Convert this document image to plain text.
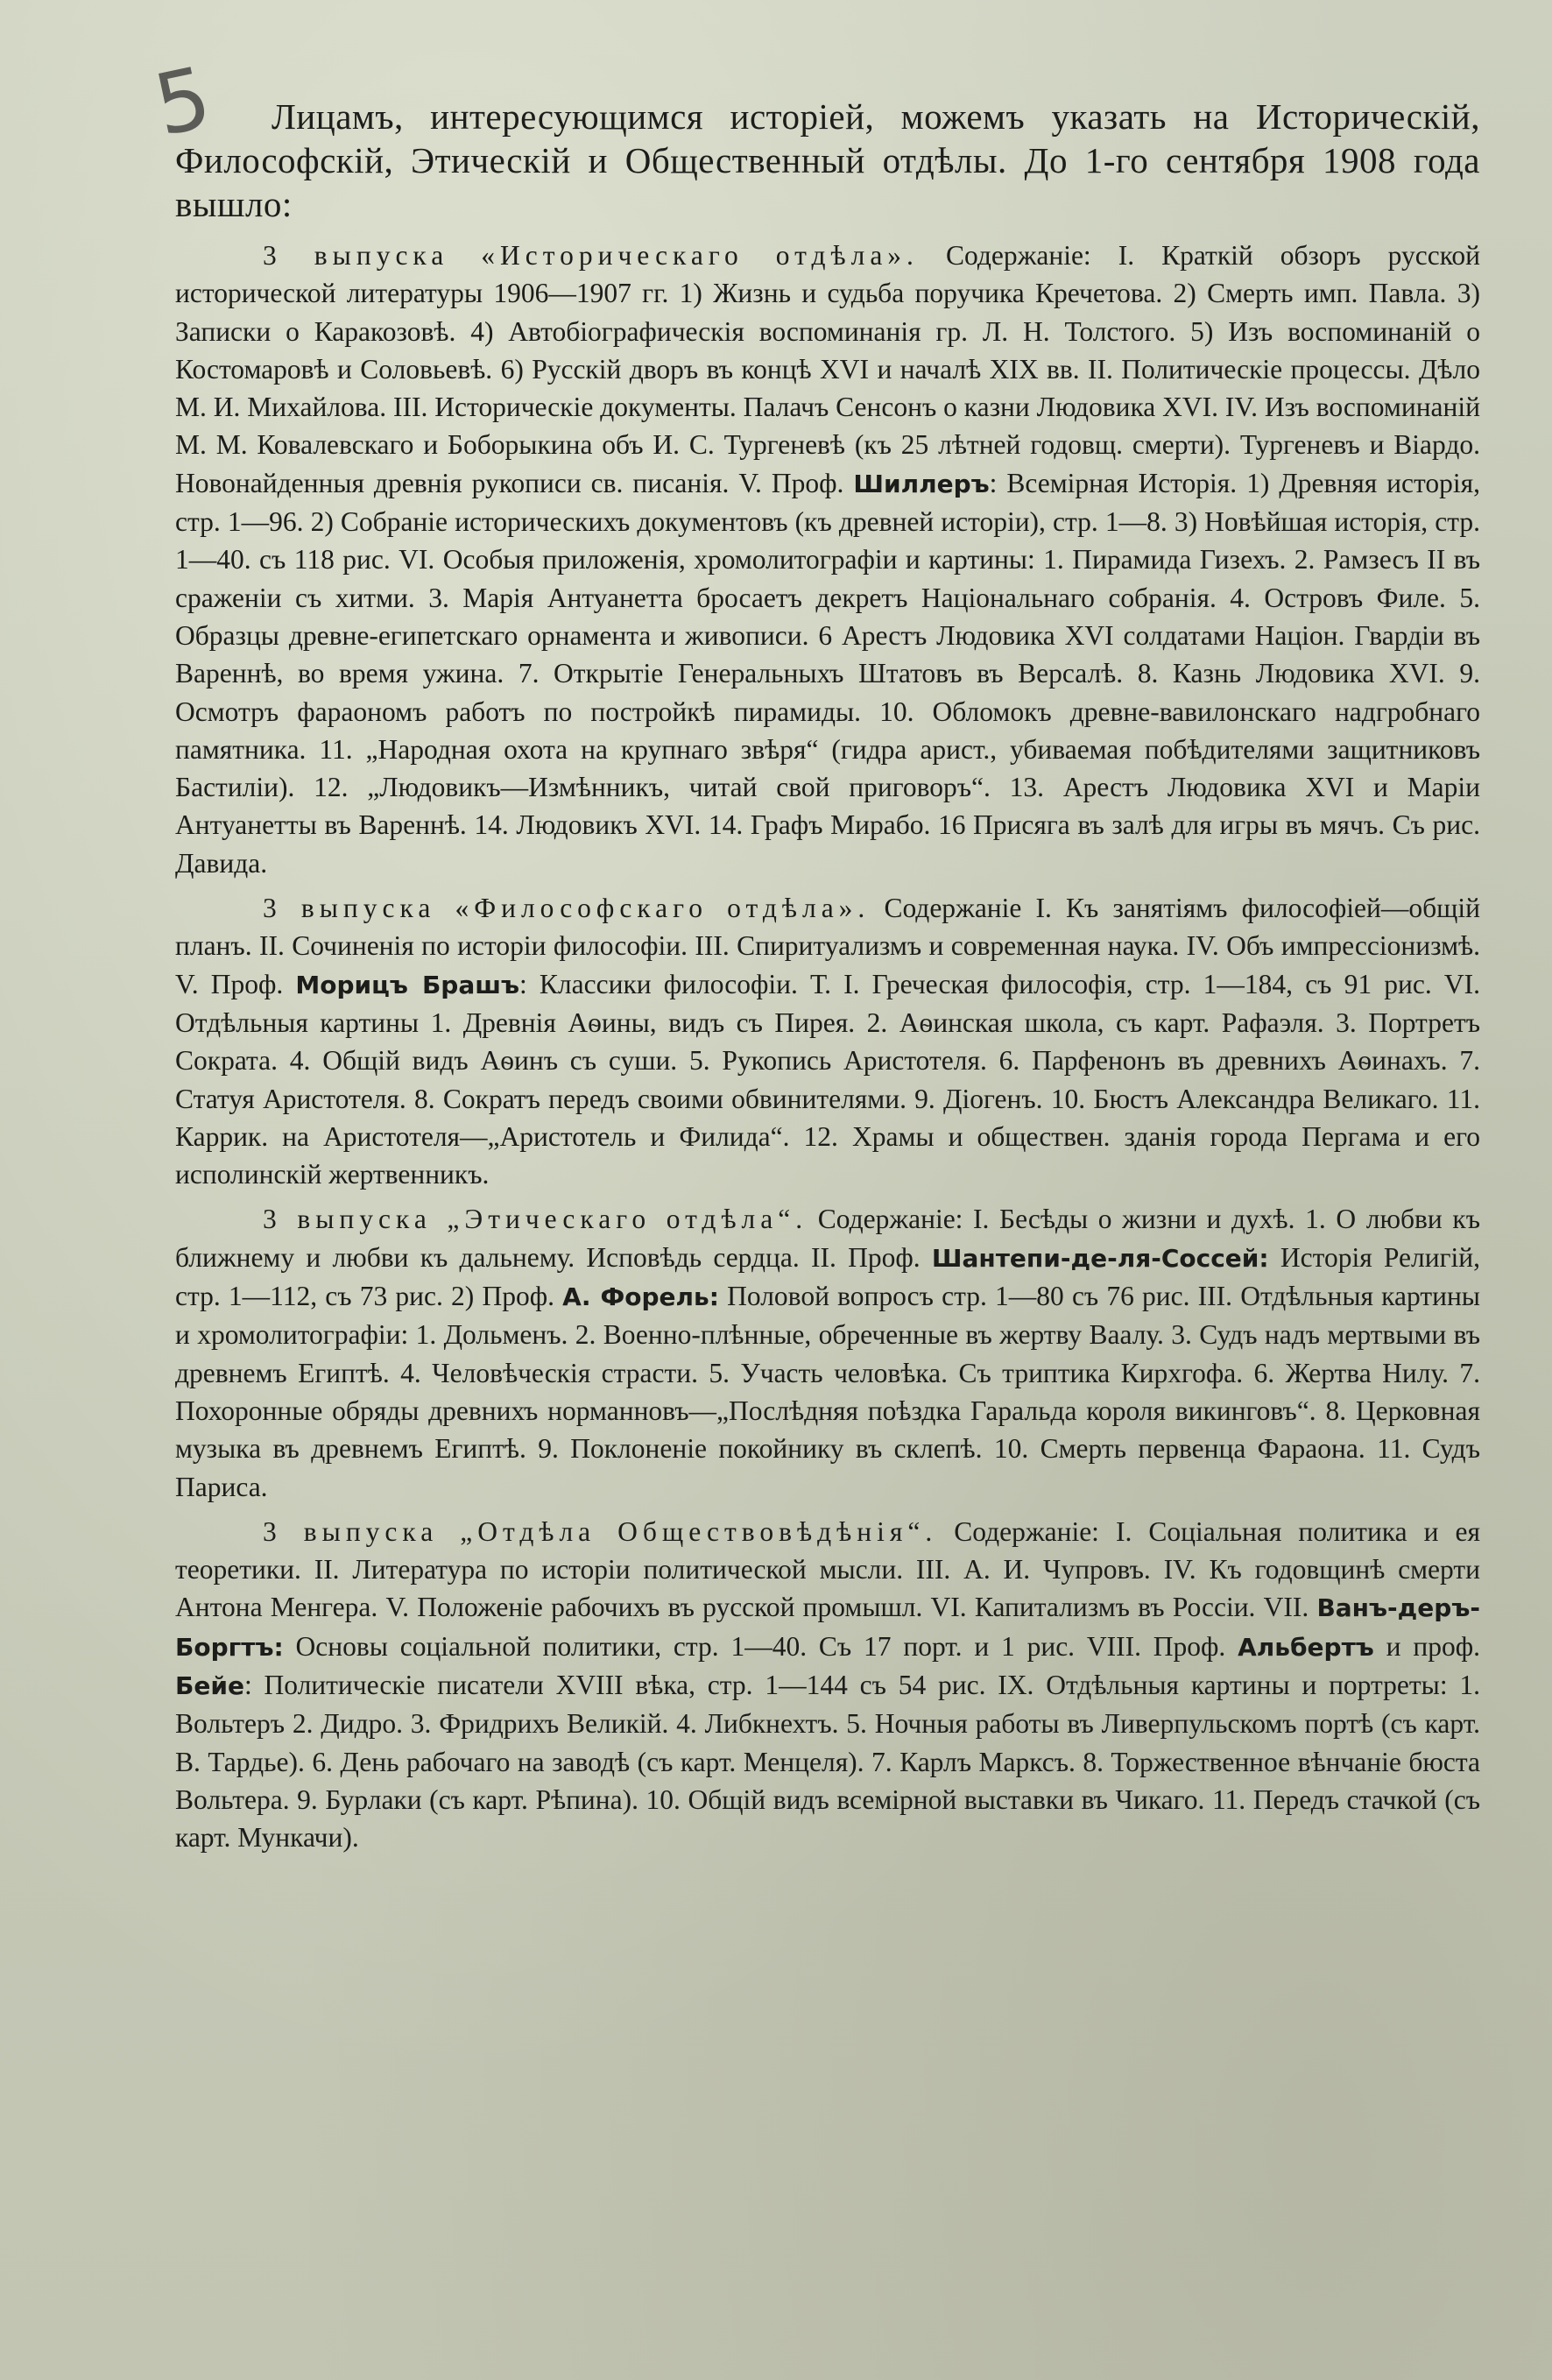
5	Лицамъ, интересующимся исторіей, можемъ указать на Историческій, Философскій, Этическій и Общественный отдѣлы. До 1-го сентября 1908 года вышло:

3 выпуска «Историческаго отдѣла». Содержаніе: I. Краткій обзоръ русской исторической литературы 1906—1907 гг. 1) Жизнь и судьба поручика Кречетова. 2) Смерть имп. Павла. 3) Записки о Каракозовѣ. 4) Автобіографическія воспоминанія гр. Л. Н. Толстого. 5) Изъ воспоминаній о Костомаровѣ и Соловьевѣ. 6) Русскій дворъ въ концѣ XVI и началѣ XIX вв. II. Политическіе процессы. Дѣло М. И. Михайлова. III. Историческіе документы. Палачъ Сенсонъ о казни Людовика XVI. IV. Изъ воспоминаній М. М. Ковалевскаго и Боборыкина объ И. С. Тургеневѣ (къ 25 лѣтней годовщ. смерти). Тургеневъ и Віардо. Новонайденныя древнія рукописи св. писанія. V. Проф. Шиллеръ: Всемірная Исторія. 1) Древняя исторія, стр. 1—96. 2) Собраніе историческихъ документовъ (къ древней исторіи), стр. 1—8. 3) Новѣйшая исторія, стр. 1—40. съ 118 рис. VI. Особыя приложенія, хромолитографіи и картины: 1. Пирамида Гизехъ. 2. Рамзесъ II въ сраженіи съ хитми. 3. Марія Антуанетта бросаетъ декретъ Національнаго собранія. 4. Островъ Филе. 5. Образцы древне-египетскаго орнамента и живописи. 6 Арестъ Людовика XVI солдатами Націон. Гвардіи въ Вареннѣ, во время ужина. 7. Открытіе Генеральныхъ Штатовъ въ Версалѣ. 8. Казнь Людовика XVI. 9. Осмотръ фараономъ работъ по постройкѣ пирамиды. 10. Обломокъ древне-вавилонскаго надгробнаго памятника. 11. „Народная охота на крупнаго звѣря“ (гидра арист., убиваемая побѣдителями защитниковъ Бастиліи). 12. „Людовикъ—Измѣнникъ, читай свой приговоръ“. 13. Арестъ Людовика XVI и Маріи Антуанетты въ Вареннѣ. 14. Людовикъ XVI. 14. Графъ Мирабо. 16 Присяга въ залѣ для игры въ мячъ. Съ рис. Давида.

3 выпуска «Философскаго отдѣла». Содержаніе I. Къ занятіямъ философіей—общій планъ. II. Сочиненія по исторіи философіи. III. Спиритуализмъ и современная наука. IV. Объ импрессіонизмѣ. V. Проф. Морицъ Брашъ: Классики философіи. Т. I. Греческая философія, стр. 1—184, съ 91 рис. VI. Отдѣльныя картины 1. Древнія Аѳины, видъ съ Пирея. 2. Аѳинская школа, съ карт. Рафаэля. 3. Портретъ Сократа. 4. Общій видъ Аѳинъ съ суши. 5. Рукопись Аристотеля. 6. Парфенонъ въ древнихъ Аѳинахъ. 7. Статуя Аристотеля. 8. Сократъ передъ своими обвинителями. 9. Діогенъ. 10. Бюстъ Александра Великаго. 11. Каррик. на Аристотеля—„Аристотель и Филида“. 12. Храмы и обществен. зданія города Пергама и его исполинскій жертвенникъ.

3 выпуска „Этическаго отдѣла“. Содержаніе: I. Бесѣды о жизни и духѣ. 1. О любви къ ближнему и любви къ дальнему. Исповѣдь сердца. II. Проф. Шантепи-де-ля-Соссей: Исторія Религій, стр. 1—112, съ 73 рис. 2) Проф. А. Форель: Половой вопросъ стр. 1—80 съ 76 рис. III. Отдѣльныя картины и хромолитографіи: 1. Дольменъ. 2. Военно-плѣнные, обреченные въ жертву Ваалу. 3. Судъ надъ мертвыми въ древнемъ Египтѣ. 4. Человѣческія страсти. 5. Участь человѣка. Съ триптика Кирхгофа. 6. Жертва Нилу. 7. Похоронные обряды древнихъ норманновъ—„Послѣдняя поѣздка Гаральда короля викинговъ“. 8. Церковная музыка въ древнемъ Египтѣ. 9. Поклоненіе покойнику въ склепѣ. 10. Смерть первенца Фараона. 11. Судъ Париса.

3 выпуска „Отдѣла Обществовѣдѣнія“. Содержаніе: I. Соціальная политика и ея теоретики. II. Литература по исторіи политической мысли. III. А. И. Чупровъ. IV. Къ годовщинѣ смерти Антона Менгера. V. Положеніе рабочихъ въ русской промышл. VI. Капитализмъ въ Россіи. VII. Ванъ-деръ-Боргтъ: Основы соціальной политики, стр. 1—40. Съ 17 порт. и 1 рис. VIII. Проф. Альбертъ и проф. Бейе: Политическіе писатели XVIII вѣка, стр. 1—144 съ 54 рис. IX. Отдѣльныя картины и портреты: 1. Вольтеръ 2. Дидро. 3. Фридрихъ Великій. 4. Либкнехтъ. 5. Ночныя работы въ Ливерпульскомъ портѣ (съ карт. В. Тардье). 6. День рабочаго на заводѣ (съ карт. Менцеля). 7. Карлъ Марксъ. 8. Торжественное вѣнчаніе бюста Вольтера. 9. Бурлаки (съ карт. Рѣпина). 10. Общій видъ всемірной выставки въ Чикаго. 11. Передъ стачкой (съ карт. Мункачи).
